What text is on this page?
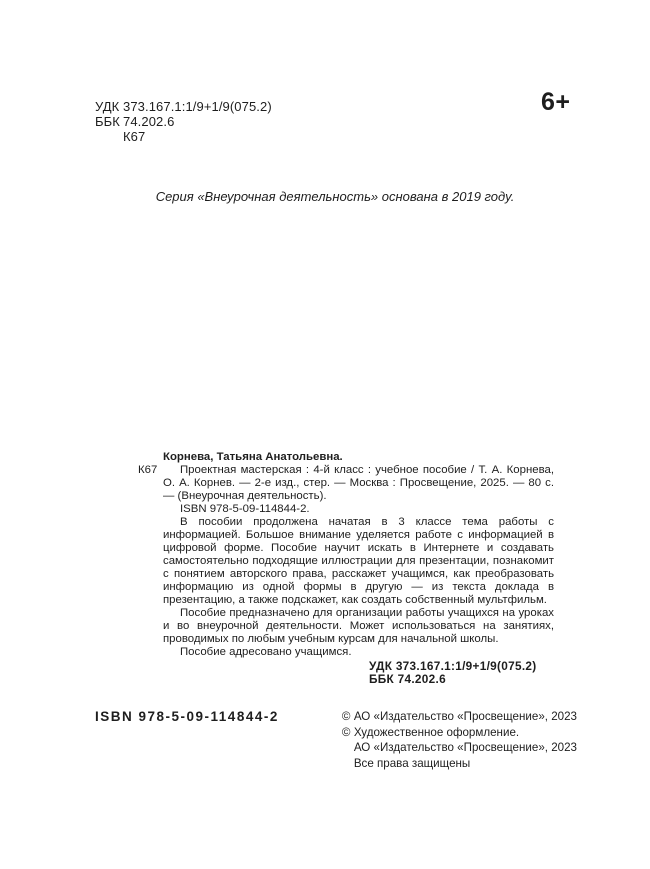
УДК 373.167.1:1/9+1/9(075.2)
ББК 74.202.6
К67
6+
Серия «Внеурочная деятельность» основана в 2019 году.
К67

Корнева, Татьяна Анатольевна.

Проектная мастерская : 4-й класс : учебное пособие / Т. А. Корнева, О. А. Корнев. — 2-е изд., стер. — Москва : Просвещение, 2025. — 80 с. — (Внеурочная деятельность).

ISBN 978-5-09-114844-2.

В пособии продолжена начатая в 3 классе тема работы с информацией. Большое внимание уделяется работе с информацией в цифровой форме. Пособие научит искать в Интернете и создавать самостоятельно подходящие иллюстрации для презентации, познакомит с понятием авторского права, расскажет учащимся, как преобразовать информацию из одной формы в другую — из текста доклада в презентацию, а также подскажет, как создать собственный мультфильм.

Пособие предназначено для организации работы учащихся на уроках и во внеурочной деятельности. Может использоваться на занятиях, проводимых по любым учебным курсам для начальной школы.

Пособие адресовано учащимся.

УДК 373.167.1:1/9+1/9(075.2)
ББК 74.202.6
ISBN 978-5-09-114844-2	© АО «Издательство «Просвещение», 2023
© Художественное оформление.
АО «Издательство «Просвещение», 2023
Все права защищены
